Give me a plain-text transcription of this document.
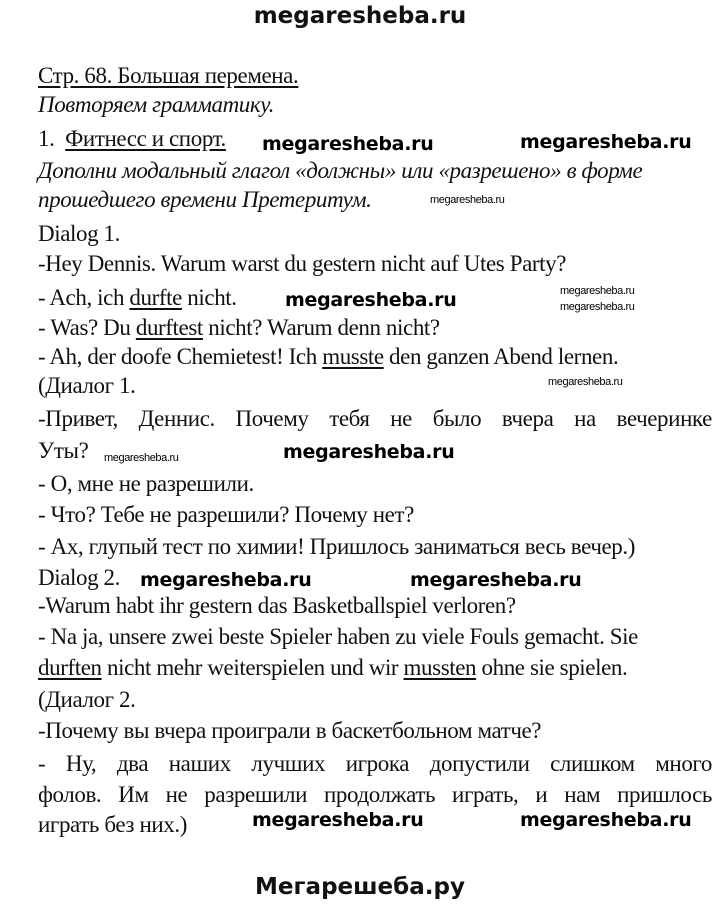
megaresheba.ru
Стр. 68. Большая перемена.
Повторяем грамматику.
1. Фитнесс и спорт.
Дополни модальный глагол «должны» или «разрешено» в форме
прошедшего времени Претеритум.
Dialog 1.
-Hey Dennis. Warum warst du gestern nicht auf Utes Party?
- Ach, ich durfte nicht.
- Was? Du durftest nicht? Warum denn nicht?
- Ah, der doofe Chemietest! Ich musste den ganzen Abend lernen.
(Диалог 1.
-Привет, Деннис. Почему тебя не было вчера на вечеринке
Уты?
- О, мне не разрешили.
- Что? Тебе не разрешили? Почему нет?
- Ах, глупый тест по химии! Пришлось заниматься весь вечер.)
Dialog 2.
-Warum habt ihr gestern das Basketballspiel verloren?
- Na ja, unsere zwei beste Spieler haben zu viele Fouls gemacht. Sie
durften nicht mehr weiterspielen und wir mussten ohne sie spielen.
(Диалог 2.
-Почему вы вчера проиграли в баскетбольном матче?
- Ну, два наших лучших игрока допустили слишком много
фолов. Им не разрешили продолжать играть, и нам пришлось
играть без них.)
megaresheba.ru	megaresheba.ru
megaresheba.ru
megaresheba.ru
megaresheba.ru	megaresheba.ru
megaresheba.ru	megaresheba.ru
megaresheba.ru
megaresheba.ru
megaresheba.ru
megaresheba.ru
megaresheba.ru
Мегарешеба.ру
